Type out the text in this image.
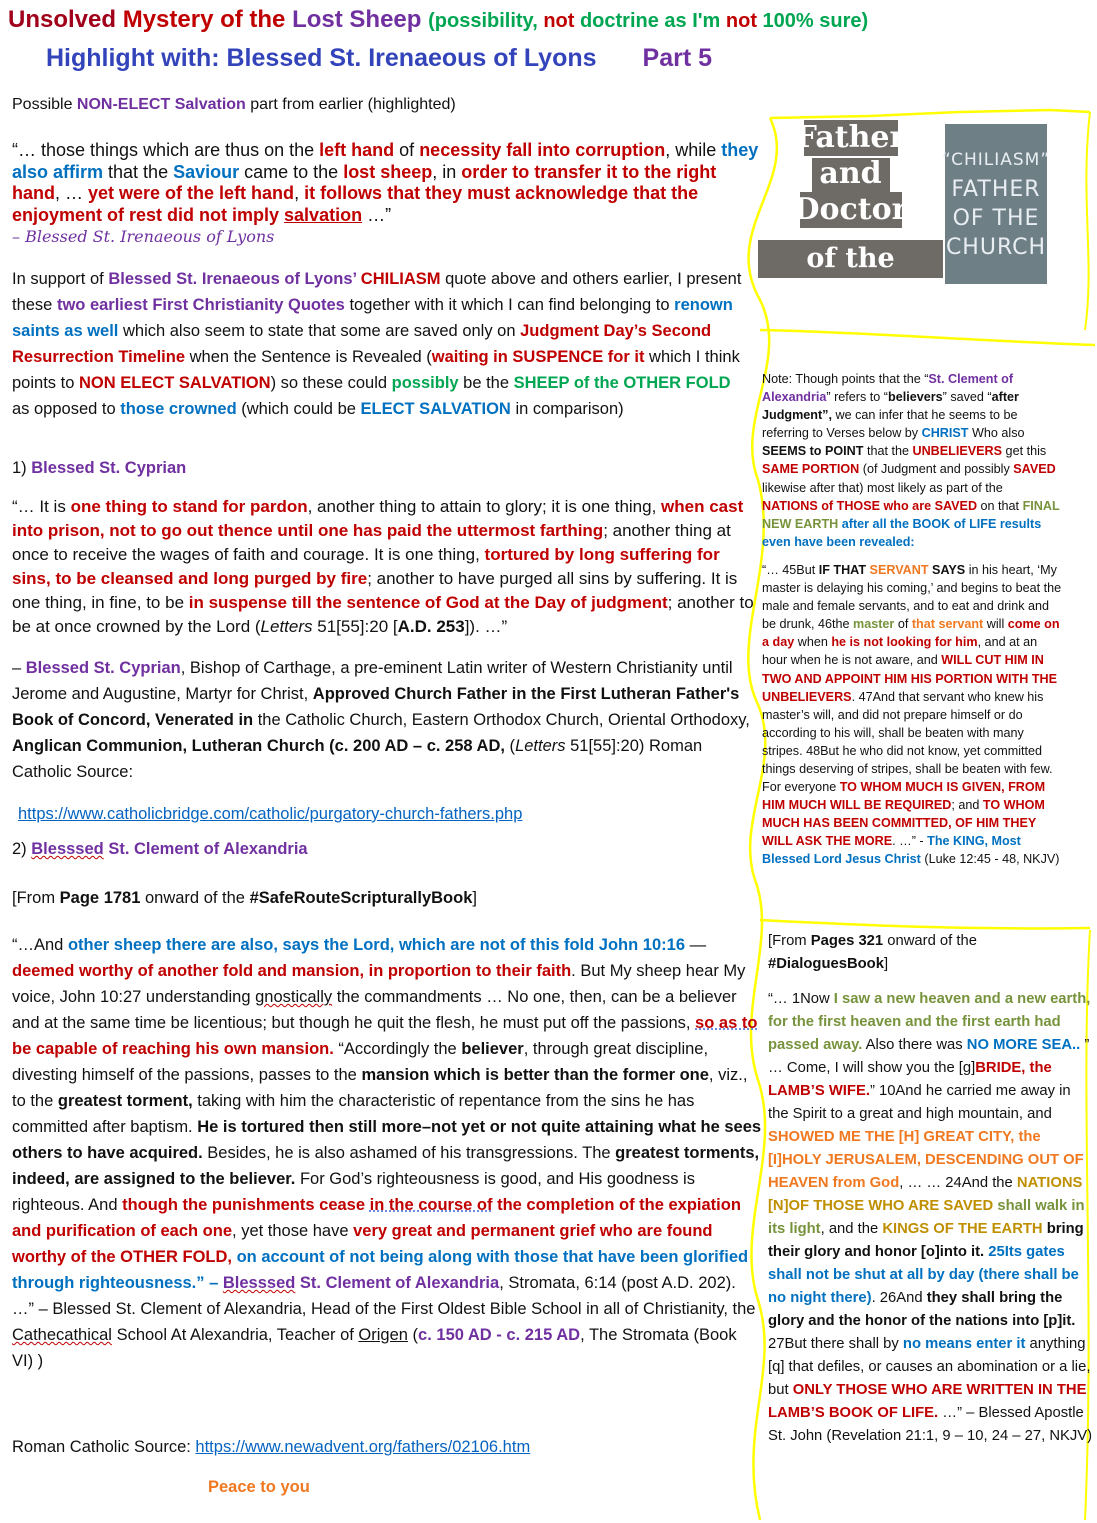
Unsolved Mystery of the Lost Sheep (possibility, not doctrine as I'm not 100% sure)
Highlight with: Blessed St. Irenaeous of Lyons Part 5
Father
and
Doctor
of the Church
“CHILIASM”
FATHER
OF THE
CHURCH
Possible NON-ELECT Salvation part from earlier (highlighted)
“… those things which are thus on the left hand of necessity fall into corruption, while they also affirm that the Saviour came to the lost sheep, in order to transfer it to the right hand, … yet were of the left hand, it follows that they must acknowledge that the enjoyment of rest did not imply salvation …”
– Blessed St. Irenaeous of Lyons
In support of Blessed St. Irenaeous of Lyons’ CHILIASM quote above and others earlier, I present these two earliest First Christianity Quotes together with it which I can find belonging to renown saints as well which also seem to state that some are saved only on Judgment Day’s Second Resurrection Timeline when the Sentence is Revealed (waiting in SUSPENCE for it which I think points to NON ELECT SALVATION) so these could possibly be the SHEEP of the OTHER FOLD as opposed to those crowned (which could be ELECT SALVATION in comparison)
1) Blessed St. Cyprian
“… It is one thing to stand for pardon, another thing to attain to glory; it is one thing, when cast into prison, not to go out thence until one has paid the uttermost farthing; another thing at once to receive the wages of faith and courage. It is one thing, tortured by long suffering for sins, to be cleansed and long purged by fire; another to have purged all sins by suffering. It is one thing, in fine, to be in suspense till the sentence of God at the Day of judgment; another to be at once crowned by the Lord (Letters 51[55]:20 [A.D. 253]). …”
– Blessed St. Cyprian, Bishop of Carthage, a pre-eminent Latin writer of Western Christianity until Jerome and Augustine, Martyr for Christ, Approved Church Father in the First Lutheran Father's Book of Concord, Venerated in the Catholic Church, Eastern Orthodox Church, Oriental Orthodoxy, Anglican Communion, Lutheran Church (c. 200 AD – c. 258 AD, (Letters 51[55]:20) Roman Catholic Source:
https://www.catholicbridge.com/catholic/purgatory-church-fathers.php
2) Blesssed St. Clement of Alexandria
[From Page 1781 onward of the #SafeRouteScripturallyBook]
“…And other sheep there are also, says the Lord, which are not of this fold John 10:16 — deemed worthy of another fold and mansion, in proportion to their faith. But My sheep hear My voice, John 10:27 understanding gnostically the commandments … No one, then, can be a believer and at the same time be licentious; but though he quit the flesh, he must put off the passions, so as to be capable of reaching his own mansion. “Accordingly the believer, through great discipline, divesting himself of the passions, passes to the mansion which is better than the former one, viz., to the greatest torment, taking with him the characteristic of repentance from the sins he has committed after baptism. He is tortured then still more–not yet or not quite attaining what he sees others to have acquired. Besides, he is also ashamed of his transgressions. The greatest torments, indeed, are assigned to the believer. For God’s righteousness is good, and His goodness is righteous. And though the punishments cease in the course of the completion of the expiation and purification of each one, yet those have very great and permanent grief who are found worthy of the OTHER FOLD, on account of not being along with those that have been glorified through righteousness.” – Blesssed St. Clement of Alexandria, Stromata, 6:14 (post A.D. 202). …” – Blessed St. Clement of Alexandria, Head of the First Oldest Bible School in all of Christianity, the Cathecathical School At Alexandria, Teacher of Origen (c. 150 AD - c. 215 AD, The Stromata (Book VI) )
Roman Catholic Source: https://www.newadvent.org/fathers/02106.htm
Peace to you
Note: Though points that the “St. Clement of Alexandria” refers to “believers” saved “after Judgment”, we can infer that he seems to be referring to Verses below by CHRIST Who also SEEMS to POINT that the UNBELIEVERS get this SAME PORTION (of Judgment and possibly SAVED likewise after that) most likely as part of the NATIONS of THOSE who are SAVED on that FINAL NEW EARTH after all the BOOK of LIFE results even have been revealed:
“… 45But IF THAT SERVANT SAYS in his heart, ‘My master is delaying his coming,’ and begins to beat the male and female servants, and to eat and drink and be drunk, 46the master of that servant will come on a day when he is not looking for him, and at an hour when he is not aware, and WILL CUT HIM IN TWO AND APPOINT HIM HIS PORTION WITH THE UNBELIEVERS. 47And that servant who knew his master’s will, and did not prepare himself or do according to his will, shall be beaten with many stripes. 48But he who did not know, yet committed things deserving of stripes, shall be beaten with few. For everyone TO WHOM MUCH IS GIVEN, FROM HIM MUCH WILL BE REQUIRED; and TO WHOM MUCH HAS BEEN COMMITTED, OF HIM THEY WILL ASK THE MORE. …” - The KING, Most Blessed Lord Jesus Christ (Luke 12:45 - 48, NKJV)
[From Pages 321 onward of the #DialoguesBook]
“… 1Now I saw a new heaven and a new earth, for the first heaven and the first earth had passed away. Also there was NO MORE SEA.. ” … Come, I will show you the [g]BRIDE, the LAMB’S WIFE.” 10And he carried me away in the Spirit to a great and high mountain, and SHOWED ME THE [H] GREAT CITY, the [I]HOLY JERUSALEM, DESCENDING OUT OF HEAVEN from God, … … 24And the NATIONS [N]OF THOSE WHO ARE SAVED shall walk in its light, and the KINGS OF THE EARTH bring their glory and honor [o]into it. 25Its gates shall not be shut at all by day (there shall be no night there). 26And they shall bring the glory and the honor of the nations into [p]it. 27But there shall by no means enter it anything [q] that defiles, or causes an abomination or a lie, but ONLY THOSE WHO ARE WRITTEN IN THE LAMB’S BOOK OF LIFE. …” – Blessed Apostle St. John (Revelation 21:1, 9 – 10, 24 – 27, NKJV)
